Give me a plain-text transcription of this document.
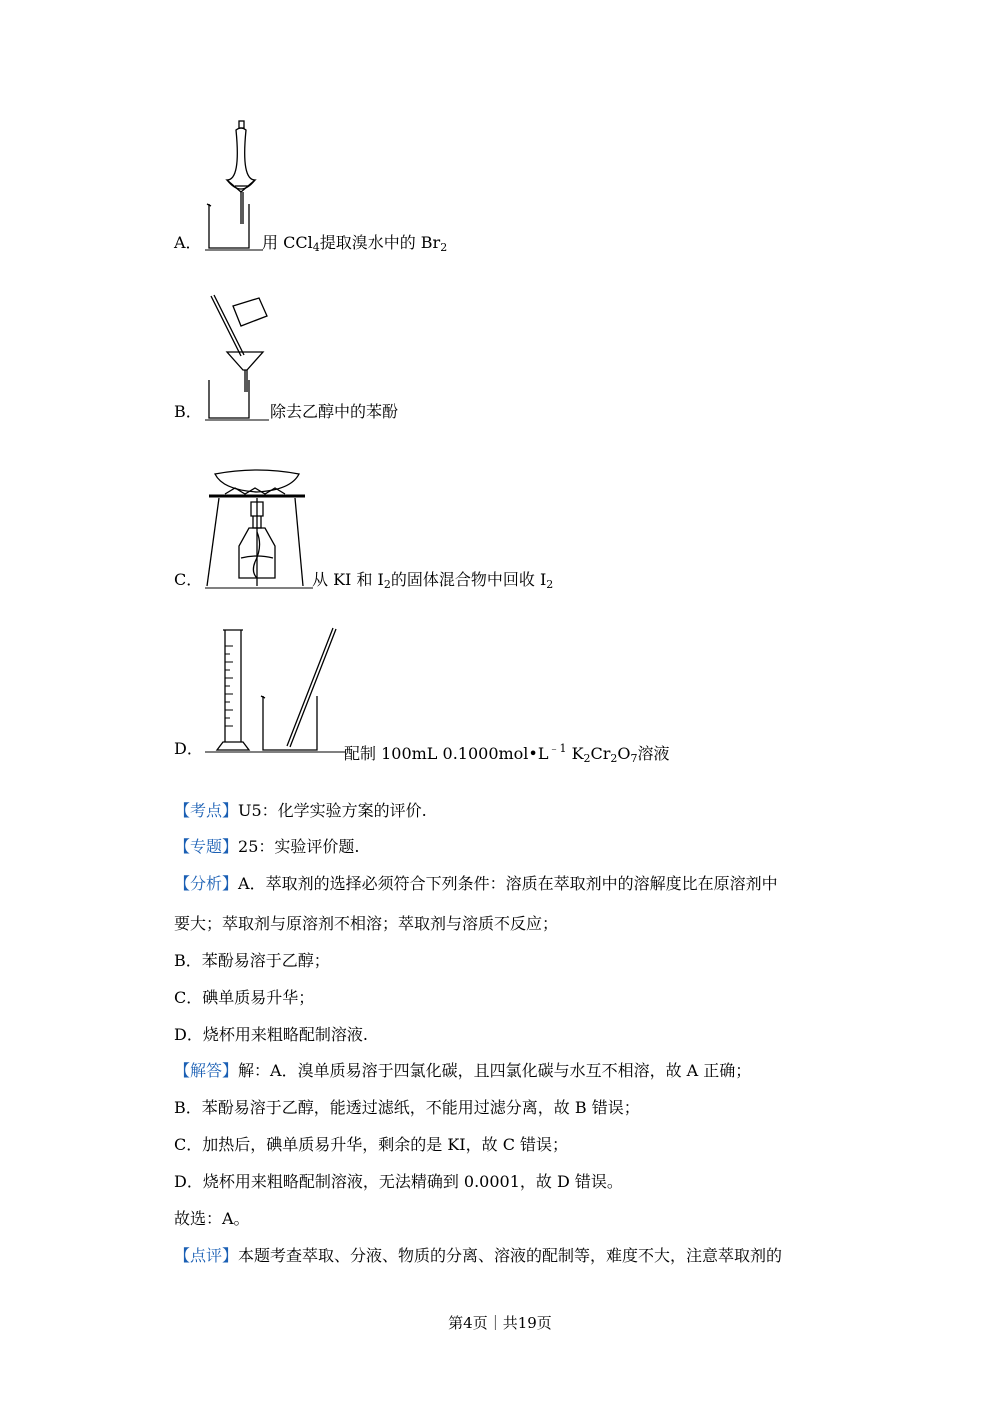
A．	用 CCl$_4$提取溴水中的 $Br_2$
B．	除去乙醇中的苯酚
C．	从 KI 和 $I_2$的固体混合物中回收 $I_2$
D．	配制 100mL $0.1000mol•L^{﹣1}$ $K_2Cr_2O_7$溶液
【考点】U5：化学实验方案的评价.
【专题】25：实验评价题.
【分析】A．萃取剂的选择必须符合下列条件：溶质在萃取剂中的溶解度比在原溶剂中
要大；萃取剂与原溶剂不相溶；萃取剂与溶质不反应；
B．苯酚易溶于乙醇；
C．碘单质易升华；
D．烧杯用来粗略配制溶液.
【解答】解：A．溴单质易溶于四氯化碳，且四氯化碳与水互不相溶，故 A 正确；
B．苯酚易溶于乙醇，能透过滤纸，不能用过滤分离，故 B 错误；
C．加热后，碘单质易升华，剩余的是 KI，故 C 错误；
D．烧杯用来粗略配制溶液，无法精确到 0.0001，故 D 错误。
故选：A。
【点评】本题考查萃取、分液、物质的分离、溶液的配制等，难度不大，注意萃取剂的
第4页｜共19页
